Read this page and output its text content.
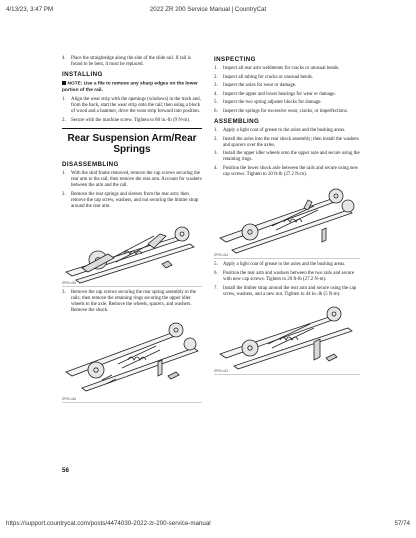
4/13/23, 3:47 PM	2022 ZR 200 Service Manual | CountryCat
4. Place the straightedge along the side of the slide rail. If rail is found to be bent, it must be replaced.
INSTALLING
NOTE: Use a file to remove any sharp edges on the lower portion of the rail.
1. Align the wear strip with the openings (windows) in the track and, from the back, start the wear strip onto the rail; then using a block of wood and a hammer, drive the wear strip forward into position.
2. Secure with the machine screw. Tighten to 80 in.-lb (9 N-m).
Rear Suspension Arm/Rear Springs
DISASSEMBLING
1. With the skid frame removed, remove the cap screws securing the rear arm to the rail; then remove the rear arm. Account for washers between the arm and the rail.
2. Remove the rear springs and sleeves from the rear arm; then remove the cap screw, washers, and nut securing the limiter strap around the rear arm.
SP00-415
3. Remove the cap screws securing the rear spring assembly to the rails; then remove the retaining rings securing the upper idler wheels to the axle. Remove the wheels, spacers, and washers. Remove the shock.
SP00-416
INSPECTING
1. Inspect all rear arm weldments for cracks or unusual bends.
2. Inspect all tubing for cracks or unusual bends.
3. Inspect the axles for wear or damage.
4. Inspect the upper and lower bearings for wear or damage.
5. Inspect the two spring adjuster blocks for damage.
6. Inspect the springs for excessive wear, cracks, or imperfections.
ASSEMBLING
1. Apply a light coat of grease to the axles and the bushing areas.
2. Install the axles into the rear shock assembly; then install the washers and spacers over the axles.
3. Install the upper idler wheels onto the upper axle and secure using the retaining rings.
4. Position the lower shock axle between the rails and secure using new cap screws. Tighten to 20 ft-lb (27.2 N-m).
SP00-414
5. Apply a light coat of grease to the axles and the bushing areas.
6. Position the rear arm and washers between the two rails and secure with new cap screws. Tighten to 20 ft-lb (27.2 N-m).
7. Install the limiter strap around the rear arm and secure using the cap screw, washers, and a new nut. Tighten to 44 in.-lb (5 N-m).
SP00-413
56
https://support.countrycat.com/posts/4474030-2022-zr-200-service-manual	57/74
